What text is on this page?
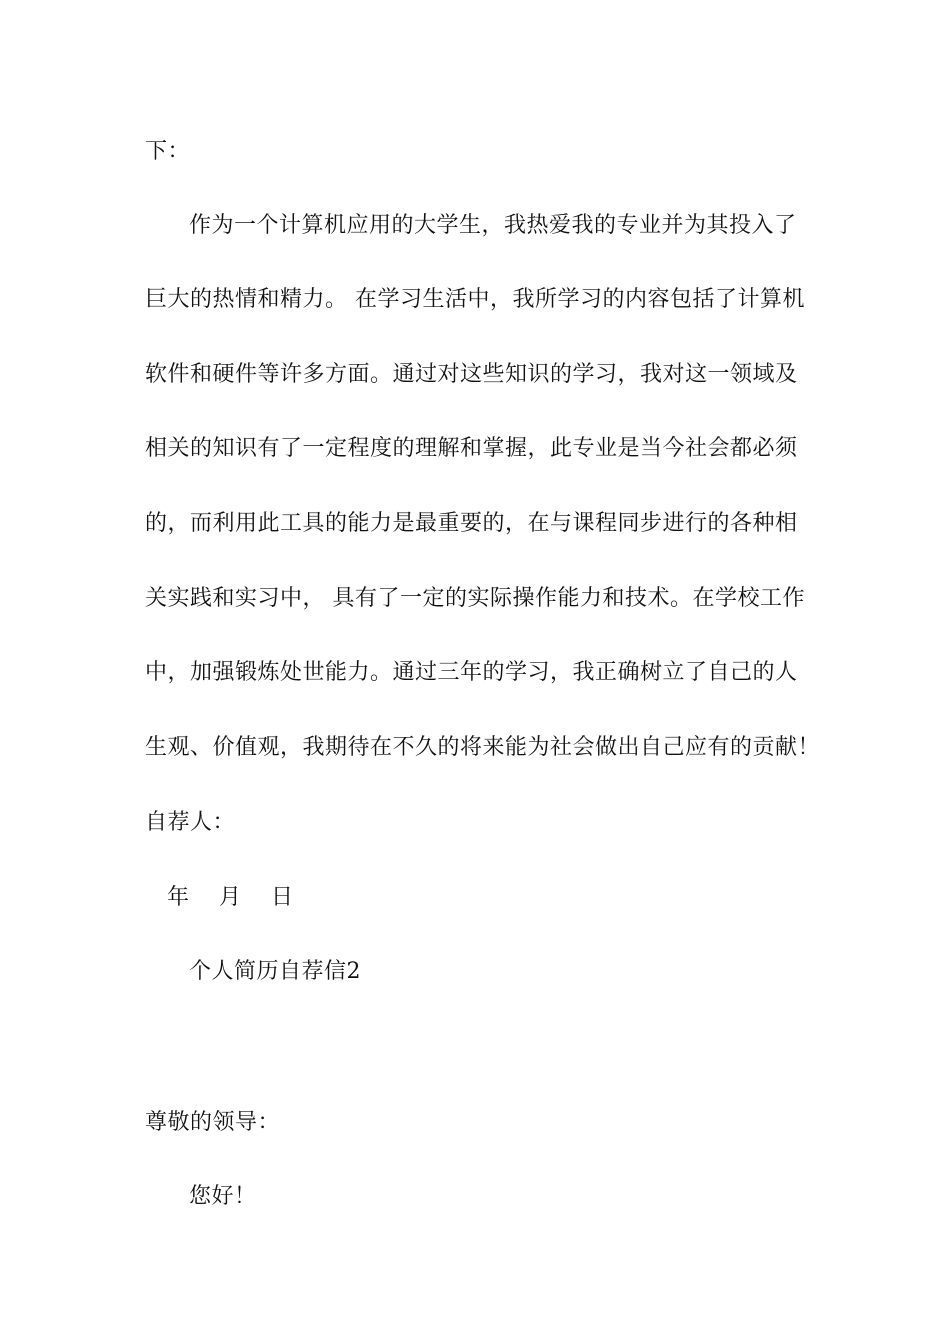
下：
作为一个计算机应用的大学生，我热爱我的专业并为其投入了
巨大的热情和精力。 在学习生活中，我所学习的内容包括了计算机
软件和硬件等许多方面。通过对这些知识的学习，我对这一领域及
相关的知识有了一定程度的理解和掌握，此专业是当今社会都必须
的，而利用此工具的能力是最重要的，在与课程同步进行的各种相
关实践和实习中， 具有了一定的实际操作能力和技术。在学校工作
中，加强锻炼处世能力。通过三年的学习，我正确树立了自己的人
生观、价值观，我期待在不久的将来能为社会做出自己应有的贡献！
自荐人：
年 月 日
个人简历自荐信2
尊敬的领导：
您好！
